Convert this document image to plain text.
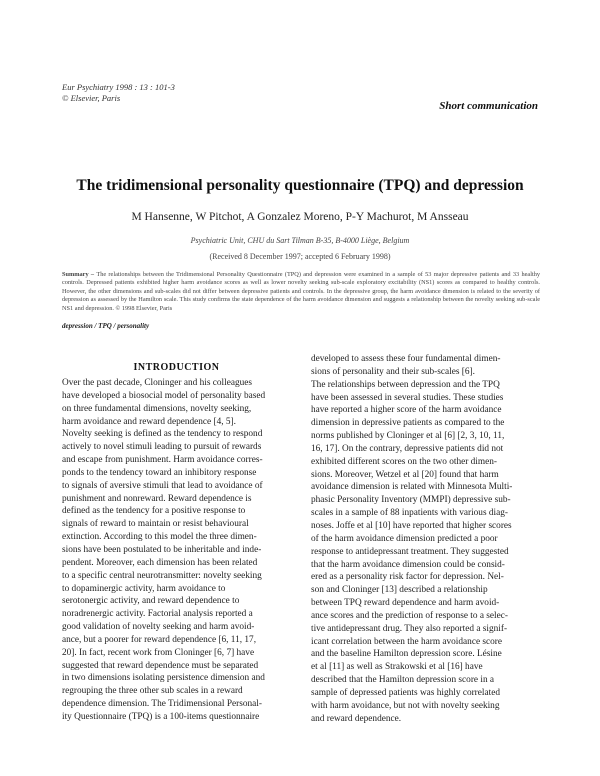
Eur Psychiatry 1998 : 13 : 101-3
© Elsevier, Paris
Short communication
The tridimensional personality questionnaire (TPQ) and depression
M Hansenne, W Pitchot, A Gonzalez Moreno, P-Y Machurot, M Ansseau
Psychiatric Unit, CHU du Sart Tilman B-35, B-4000 Liège, Belgium
(Received 8 December 1997; accepted 6 February 1998)
Summary – The relationships between the Tridimensional Personality Questionnaire (TPQ) and depression were examined in a sample of 53 major depressive patients and 33 healthy controls. Depressed patients exhibited higher harm avoidance scores as well as lower novelty seeking sub-scale exploratory excitability (NS1) scores as compared to healthy controls. However, the other dimensions and sub-scales did not differ between depressive patients and controls. In the depressive group, the harm avoidance dimension is related to the severity of depression as assessed by the Hamilton scale. This study confirms the state dependence of the harm avoidance dimension and suggests a relationship between the novelty seeking sub-scale NS1 and depression. © 1998 Elsevier, Paris
depression / TPQ / personality
INTRODUCTION
Over the past decade, Cloninger and his colleagues
have developed a biosocial model of personality based
on three fundamental dimensions, novelty seeking,
harm avoidance and reward dependence [4, 5].
Novelty seeking is defined as the tendency to respond
actively to novel stimuli leading to pursuit of rewards
and escape from punishment. Harm avoidance corres-
ponds to the tendency toward an inhibitory response
to signals of aversive stimuli that lead to avoidance of
punishment and nonreward. Reward dependence is
defined as the tendency for a positive response to
signals of reward to maintain or resist behavioural
extinction. According to this model the three dimen-
sions have been postulated to be inheritable and inde-
pendent. Moreover, each dimension has been related
to a specific central neurotransmitter: novelty seeking
to dopaminergic activity, harm avoidance to
serotonergic activity, and reward dependence to
noradrenergic activity. Factorial analysis reported a
good validation of novelty seeking and harm avoid-
ance, but a poorer for reward dependence [6, 11, 17,
20]. In fact, recent work from Cloninger [6, 7] have
suggested that reward dependence must be separated
in two dimensions isolating persistence dimension and
regrouping the three other sub scales in a reward
dependence dimension. The Tridimensional Personal-
ity Questionnaire (TPQ) is a 100-items questionnaire
developed to assess these four fundamental dimen-
sions of personality and their sub-scales [6].
The relationships between depression and the TPQ
have been assessed in several studies. These studies
have reported a higher score of the harm avoidance
dimension in depressive patients as compared to the
norms published by Cloninger et al [6] [2, 3, 10, 11,
16, 17]. On the contrary, depressive patients did not
exhibited different scores on the two other dimen-
sions. Moreover, Wetzel et al [20] found that harm
avoidance dimension is related with Minnesota Multi-
phasic Personality Inventory (MMPI) depressive sub-
scales in a sample of 88 inpatients with various diag-
noses. Joffe et al [10] have reported that higher scores
of the harm avoidance dimension predicted a poor
response to antidepressant treatment. They suggested
that the harm avoidance dimension could be consid-
ered as a personality risk factor for depression. Nel-
son and Cloninger [13] described a relationship
between TPQ reward dependence and harm avoid-
ance scores and the prediction of response to a selec-
tive antidepressant drug. They also reported a signif-
icant correlation between the harm avoidance score
and the baseline Hamilton depression score. Lésine
et al [11] as well as Strakowski et al [16] have
described that the Hamilton depression score in a
sample of depressed patients was highly correlated
with harm avoidance, but not with novelty seeking
and reward dependence.
